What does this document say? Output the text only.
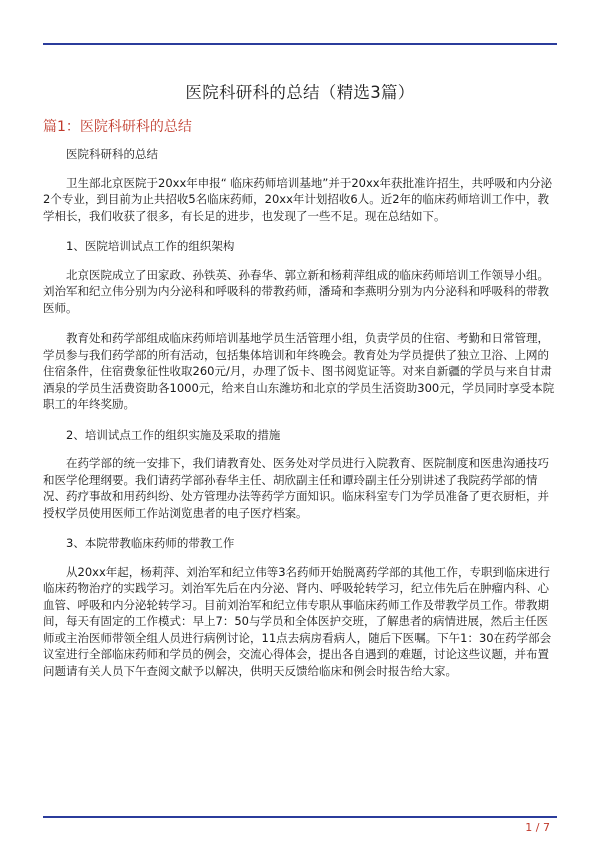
医院科研科的总结（精选3篇）
篇1：医院科研科的总结

医院科研科的总结

卫生部北京医院于20xx年申报“ 临床药师培训基地”并于20xx年获批准许招生，共呼吸和内分泌2个专业，到目前为止共招收5名临床药师，20xx年计划招收6人。近2年的临床药师培训工作中，教学相长，我们收获了很多，有长足的进步，也发现了一些不足。现在总结如下。

1、医院培训试点工作的组织架构

北京医院成立了田家政、孙铁英、孙春华、郭立新和杨莉萍组成的临床药师培训工作领导小组。刘治军和纪立伟分别为内分泌科和呼吸科的带教药师，潘琦和李燕明分别为内分泌科和呼吸科的带教医师。

教育处和药学部组成临床药师培训基地学员生活管理小组，负责学员的住宿、考勤和日常管理，学员参与我们药学部的所有活动，包括集体培训和年终晚会。教育处为学员提供了独立卫浴、上网的住宿条件，住宿费象征性收取260元/月，办理了饭卡、图书阅览证等。对来自新疆的学员与来自甘肃酒泉的学员生活费资助各1000元，给来自山东潍坊和北京的学员生活资助300元，学员同时享受本院职工的年终奖励。

2、培训试点工作的组织实施及采取的措施

在药学部的统一安排下，我们请教育处、医务处对学员进行入院教育、医院制度和医患沟通技巧和医学伦理纲要。我们请药学部孙春华主任、胡欣副主任和谭玲副主任分别讲述了我院药学部的情况、药疗事故和用药纠纷、处方管理办法等药学方面知识。临床科室专门为学员准备了更衣厨柜，并授权学员使用医师工作站浏览患者的电子医疗档案。

3、本院带教临床药师的带教工作

从20xx年起，杨莉萍、刘治军和纪立伟等3名药师开始脱离药学部的其他工作，专职到临床进行临床药物治疗的实践学习。刘治军先后在内分泌、肾内、呼吸轮转学习，纪立伟先后在肿瘤内科、心血管、呼吸和内分泌轮转学习。目前刘治军和纪立伟专职从事临床药师工作及带教学员工作。带教期间，每天有固定的工作模式：早上7：50与学员和全体医护交班，了解患者的病情进展，然后主任医师或主治医师带领全组人员进行病例讨论，11点去病房看病人，随后下医嘱。下午1：30在药学部会议室进行全部临床药师和学员的例会，交流心得体会，提出各自遇到的难题，讨论这些议题，并布置问题请有关人员下午查阅文献予以解决，供明天反馈给临床和例会时报告给大家。

1 / 7
